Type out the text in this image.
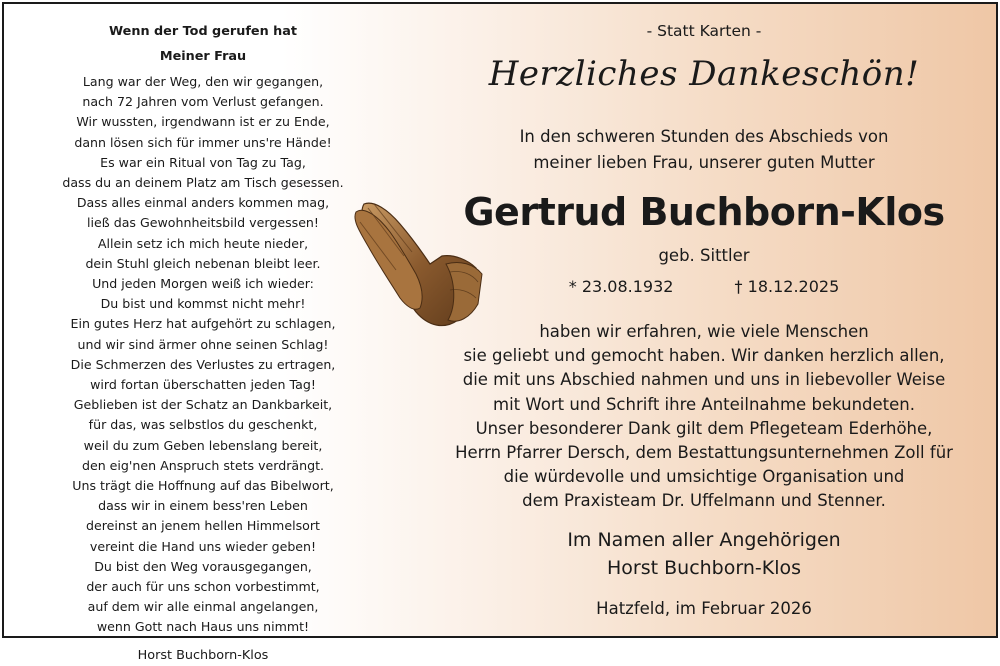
Wenn der Tod gerufen hat
Meiner Frau
Lang war der Weg, den wir gegangen,
nach 72 Jahren vom Verlust gefangen.
Wir wussten, irgendwann ist er zu Ende,
dann lösen sich für immer uns're Hände!
Es war ein Ritual von Tag zu Tag,
dass du an deinem Platz am Tisch gesessen.
Dass alles einmal anders kommen mag,
ließ das Gewohnheitsbild vergessen!
Allein setz ich mich heute nieder,
dein Stuhl gleich nebenan bleibt leer.
Und jeden Morgen weiß ich wieder:
Du bist und kommst nicht mehr!
Ein gutes Herz hat aufgehört zu schlagen,
und wir sind ärmer ohne seinen Schlag!
Die Schmerzen des Verlustes zu ertragen,
wird fortan überschatten jeden Tag!
Geblieben ist der Schatz an Dankbarkeit,
für das, was selbstlos du geschenkt,
weil du zum Geben lebenslang bereit,
den eig'nen Anspruch stets verdrängt.
Uns trägt die Hoffnung auf das Bibelwort,
dass wir in einem bess'ren Leben
dereinst an jenem hellen Himmelsort
vereint die Hand uns wieder geben!
Du bist den Weg vorausgegangen,
der auch für uns schon vorbestimmt,
auf dem wir alle einmal angelangen,
wenn Gott nach Haus uns nimmt!
Horst Buchborn-Klos
- Statt Karten -
Herzliches Dankeschön!
In den schweren Stunden des Abschieds von
meiner lieben Frau, unserer guten Mutter
Gertrud Buchborn-Klos
geb. Sittler
* 23.08.1932	† 18.12.2025
haben wir erfahren, wie viele Menschen
sie geliebt und gemocht haben. Wir danken herzlich allen,
die mit uns Abschied nahmen und uns in liebevoller Weise
mit Wort und Schrift ihre Anteilnahme bekundeten.
Unser besonderer Dank gilt dem Pflegeteam Ederhöhe,
Herrn Pfarrer Dersch, dem Bestattungsunternehmen Zoll für
die würdevolle und umsichtige Organisation und
dem Praxisteam Dr. Uffelmann und Stenner.
Im Namen aller Angehörigen
Horst Buchborn-Klos
Hatzfeld, im Februar 2026
